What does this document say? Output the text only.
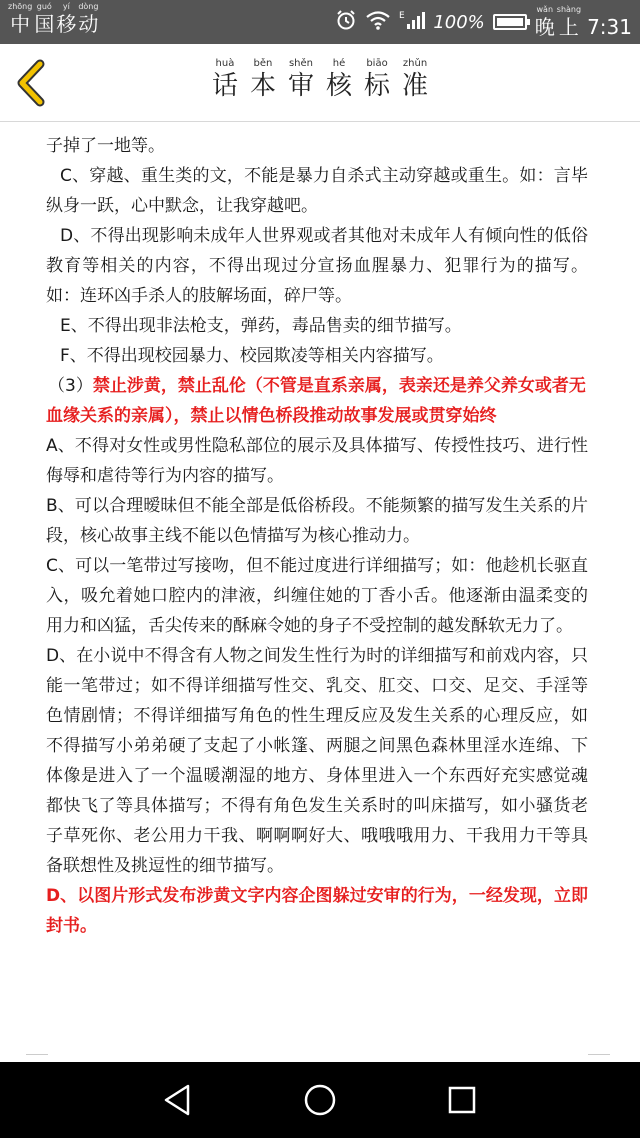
zhōng
中
guó
国
yí
移
dòng
动	E 100%
wǎn
晚
shàng
上 7:31
huà
话
běn
本
shěn
审
hé
核
biāo
标
zhǔn
准

子掉了一地等。

C、穿越、重生类的文，不能是暴力自杀式主动穿越或重生。如：言毕纵身一跃，心中默念，让我穿越吧。

D、不得出现影响未成年人世界观或者其他对未成年人有倾向性的低俗教育等相关的内容，不得出现过分宣扬血腥暴力、犯罪行为的描写。如：连环凶手杀人的肢解场面，碎尸等。

E、不得出现非法枪支，弹药，毒品售卖的细节描写。

F、不得出现校园暴力、校园欺凌等相关内容描写。

（3）禁止涉黄，禁止乱伦（不管是直系亲属，表亲还是养父养女或者无血缘关系的亲属），禁止以情色桥段推动故事发展或贯穿始终

A、不得对女性或男性隐私部位的展示及具体描写、传授性技巧、进行性侮辱和虐待等行为内容的描写。

B、可以合理暧昧但不能全部是低俗桥段。不能频繁的描写发生关系的片段，核心故事主线不能以色情描写为核心推动力。

C、可以一笔带过写接吻，但不能过度进行详细描写；如：他趁机长驱直入，吸允着她口腔内的津液，纠缠住她的丁香小舌。他逐渐由温柔变的用力和凶猛，舌尖传来的酥麻令她的身子不受控制的越发酥软无力了。

D、在小说中不得含有人物之间发生性行为时的详细描写和前戏内容，只能一笔带过；如不得详细描写性交、乳交、肛交、口交、足交、手淫等色情剧情；不得详细描写角色的性生理反应及发生关系的心理反应，如不得描写小弟弟硬了支起了小帐篷、两腿之间黑色森林里淫水连绵、下体像是进入了一个温暖潮湿的地方、身体里进入一个东西好充实感觉魂都快飞了等具体描写；不得有角色发生关系时的叫床描写，如小骚货老子草死你、老公用力干我、啊啊啊好大、哦哦哦用力、干我用力干等具备联想性及挑逗性的细节描写。

D、以图片形式发布涉黄文字内容企图躲过安审的行为，一经发现，立即封书。
